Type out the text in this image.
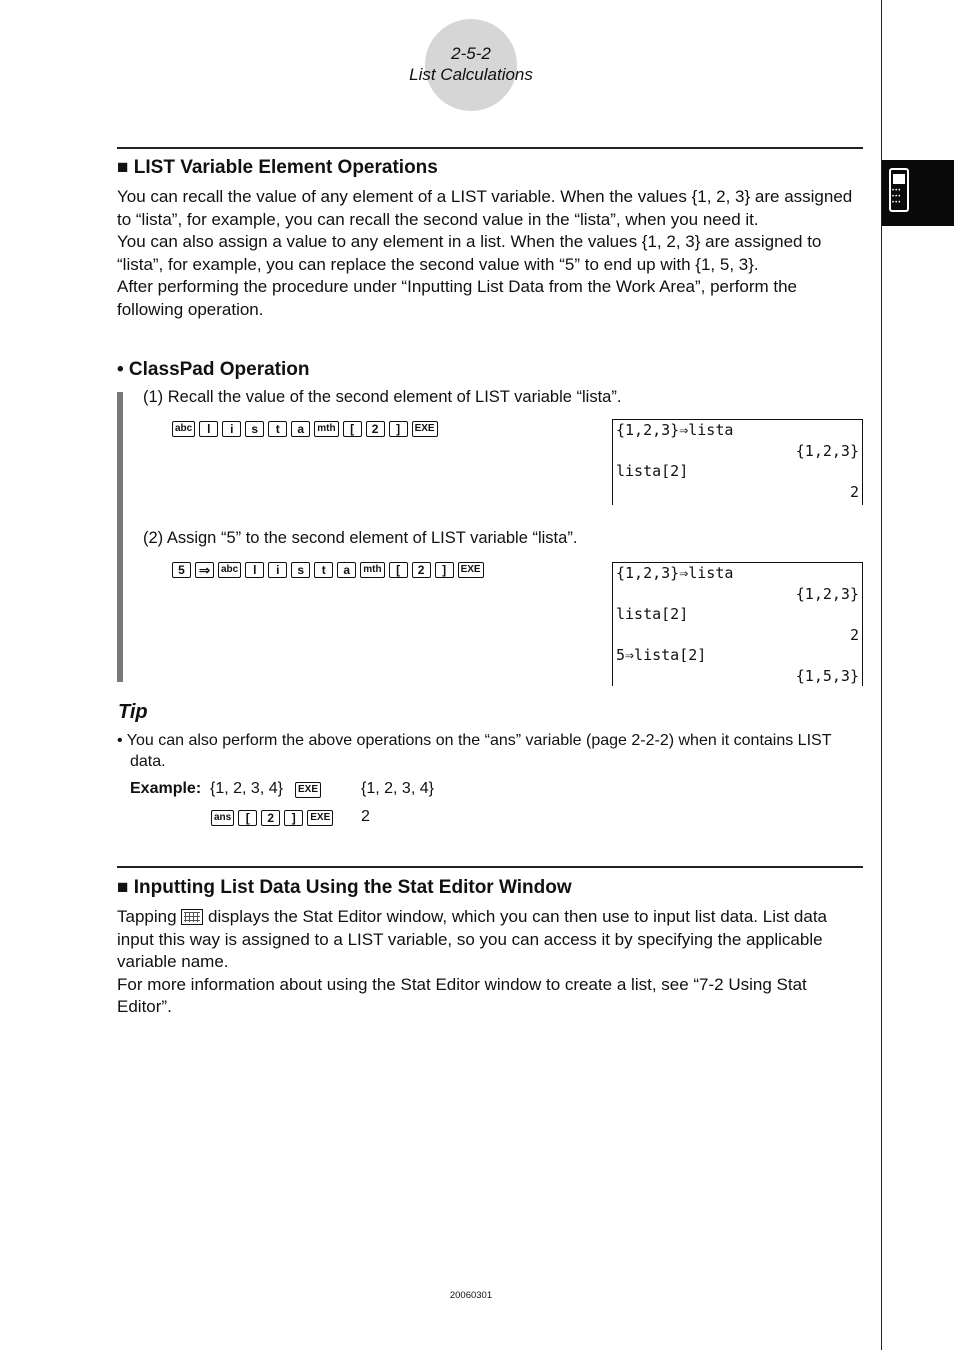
2-5-2
List Calculations
•••
•••
•••
■ LIST Variable Element Operations

You can recall the value of any element of a LIST variable. When the values {1, 2, 3} are assigned to “lista”, for example, you can recall the second value in the “lista”, when you need it.

You can also assign a value to any element in a list. When the values {1, 2, 3} are assigned to “lista”, for example, you can replace the second value with “5” to end up with {1, 5, 3}.

After performing the procedure under “Inputting List Data from the Work Area”, perform the following operation.

• ClassPad Operation
(1) Recall the value of the second element of LIST variable “lista”.
abc	l	i	s	t	a	mth	[	2	]	EXE	{1,2,3}⇒lista
{1,2,3}
lista[2]
2
(2) Assign “5” to the second element of LIST variable “lista”.
5 ⇒	abc	l	i	s	t	a	mth	[	2	]	EXE	{1,2,3}⇒lista
{1,2,3}
lista[2]
2
5⇒lista[2]
{1,5,3}
Tip
• You can also perform the above operations on the “ans” variable (page 2-2-2) when it contains LIST data.
Example: {1, 2, 3, 4}	EXE	{1, 2, 3, 4}
ans	[	2	]	EXE 2
■ Inputting List Data Using the Stat Editor Window

Tapping displays the Stat Editor window, which you can then use to input list data. List data input this way is assigned to a LIST variable, so you can access it by specifying the applicable variable name.

For more information about using the Stat Editor window to create a list, see “7-2 Using Stat Editor”.

20060301
